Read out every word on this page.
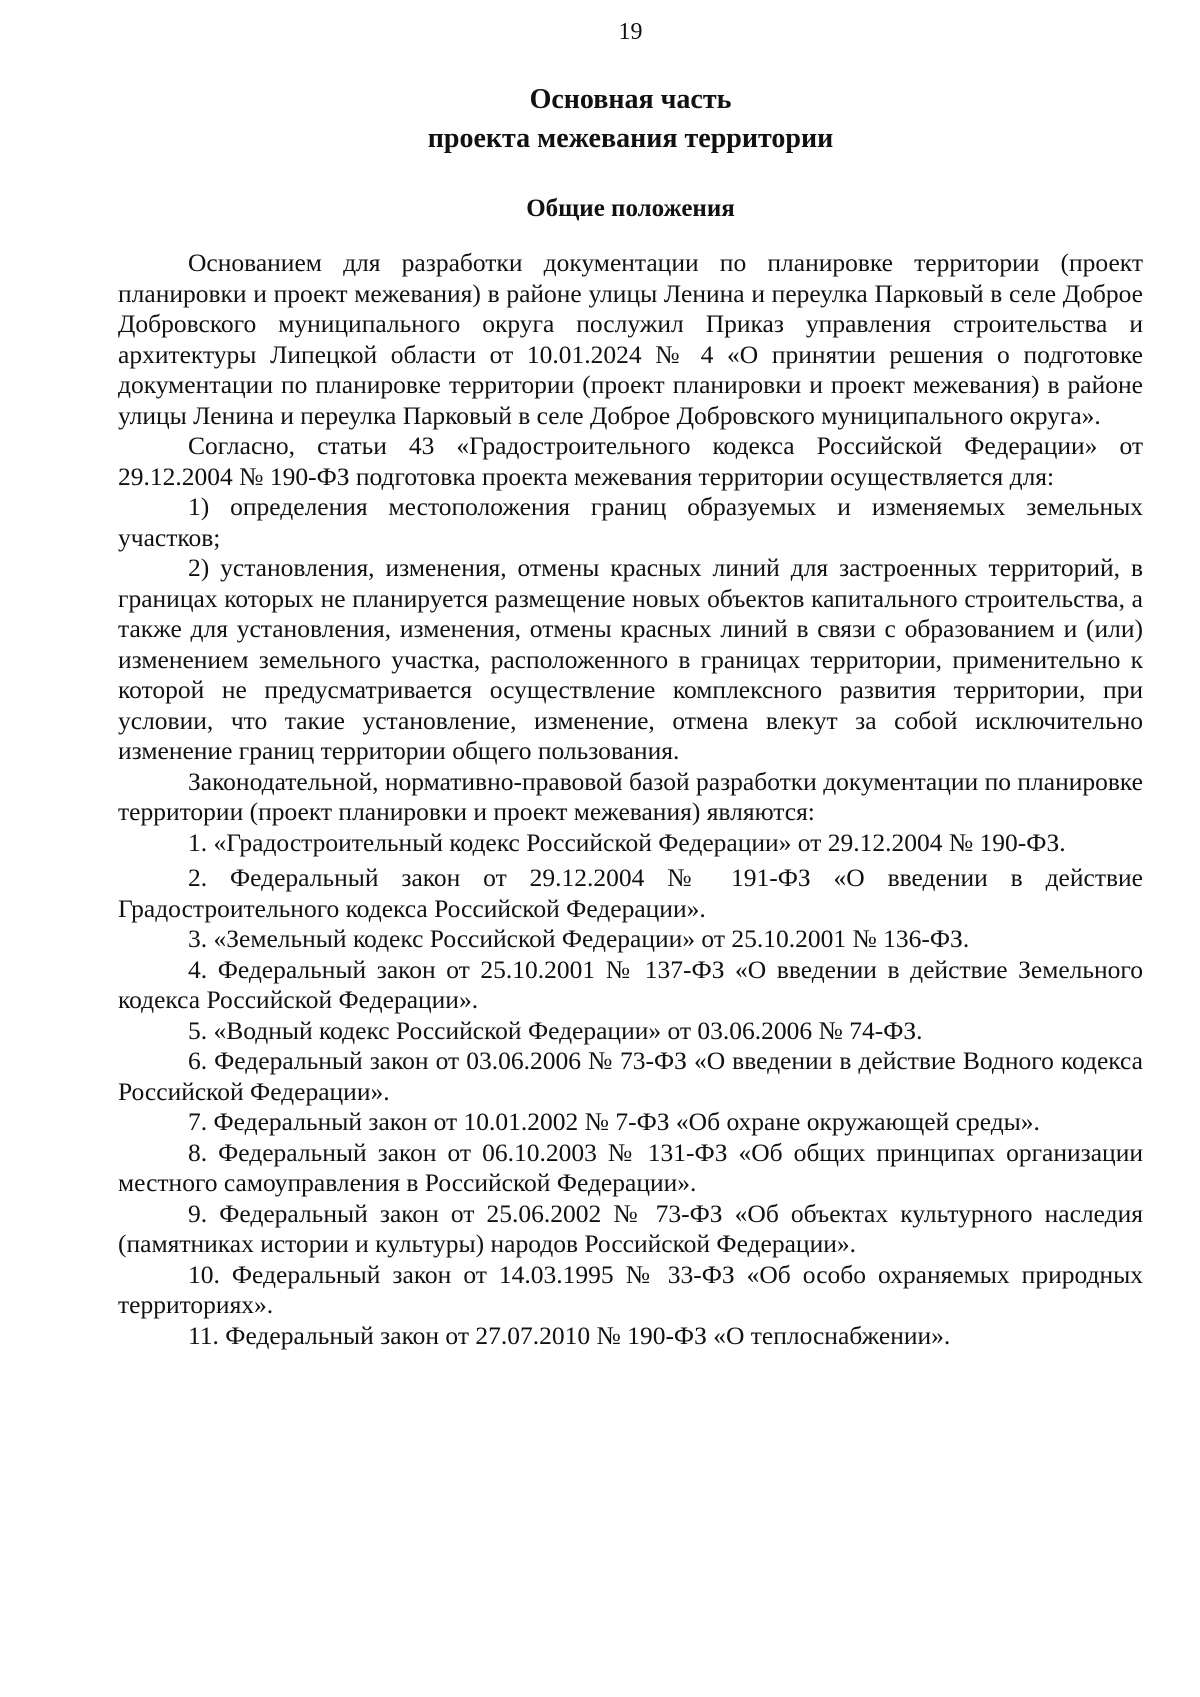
19
Основная часть
проекта межевания территории
Общие положения

Основанием для разработки документации по планировке территории (проект планировки и проект межевания) в районе улицы Ленина и переулка Парковый в селе Доброе Добровского муниципального округа послужил Приказ управления строительства и архитектуры Липецкой области от 10.01.2024 № 4 «О принятии решения о подготовке документации по планировке территории (проект планировки и проект межевания) в районе улицы Ленина и переулка Парковый в селе Доброе Добровского муниципального округа».

Согласно, статьи 43 «Градостроительного кодекса Российской Федерации» от 29.12.2004 № 190-ФЗ подготовка проекта межевания территории осуществляется для:

1) определения местоположения границ образуемых и изменяемых земельных участков;

2) установления, изменения, отмены красных линий для застроенных территорий, в границах которых не планируется размещение новых объектов капитального строительства, а также для установления, изменения, отмены красных линий в связи с образованием и (или) изменением земельного участка, расположенного в границах территории, применительно к которой не предусматривается осуществление комплексного развития территории, при условии, что такие установление, изменение, отмена влекут за собой исключительно изменение границ территории общего пользования.

Законодательной, нормативно-правовой базой разработки документации по планировке территории (проект планировки и проект межевания) являются:

1. «Градостроительный кодекс Российской Федерации» от 29.12.2004 № 190-ФЗ.

2. Федеральный закон от 29.12.2004 № 191-ФЗ «О введении в действие Градостроительного кодекса Российской Федерации».

3. «Земельный кодекс Российской Федерации» от 25.10.2001 № 136-ФЗ.

4. Федеральный закон от 25.10.2001 № 137-ФЗ «О введении в действие Земельного кодекса Российской Федерации».

5. «Водный кодекс Российской Федерации» от 03.06.2006 № 74-ФЗ.

6. Федеральный закон от 03.06.2006 № 73-ФЗ «О введении в действие Водного кодекса Российской Федерации».

7. Федеральный закон от 10.01.2002 № 7-ФЗ «Об охране окружающей среды».

8. Федеральный закон от 06.10.2003 № 131-ФЗ «Об общих принципах организации местного самоуправления в Российской Федерации».

9. Федеральный закон от 25.06.2002 № 73-ФЗ «Об объектах культурного наследия (памятниках истории и культуры) народов Российской Федерации».

10. Федеральный закон от 14.03.1995 № 33-ФЗ «Об особо охраняемых природных территориях».

11. Федеральный закон от 27.07.2010 № 190-ФЗ «О теплоснабжении».
